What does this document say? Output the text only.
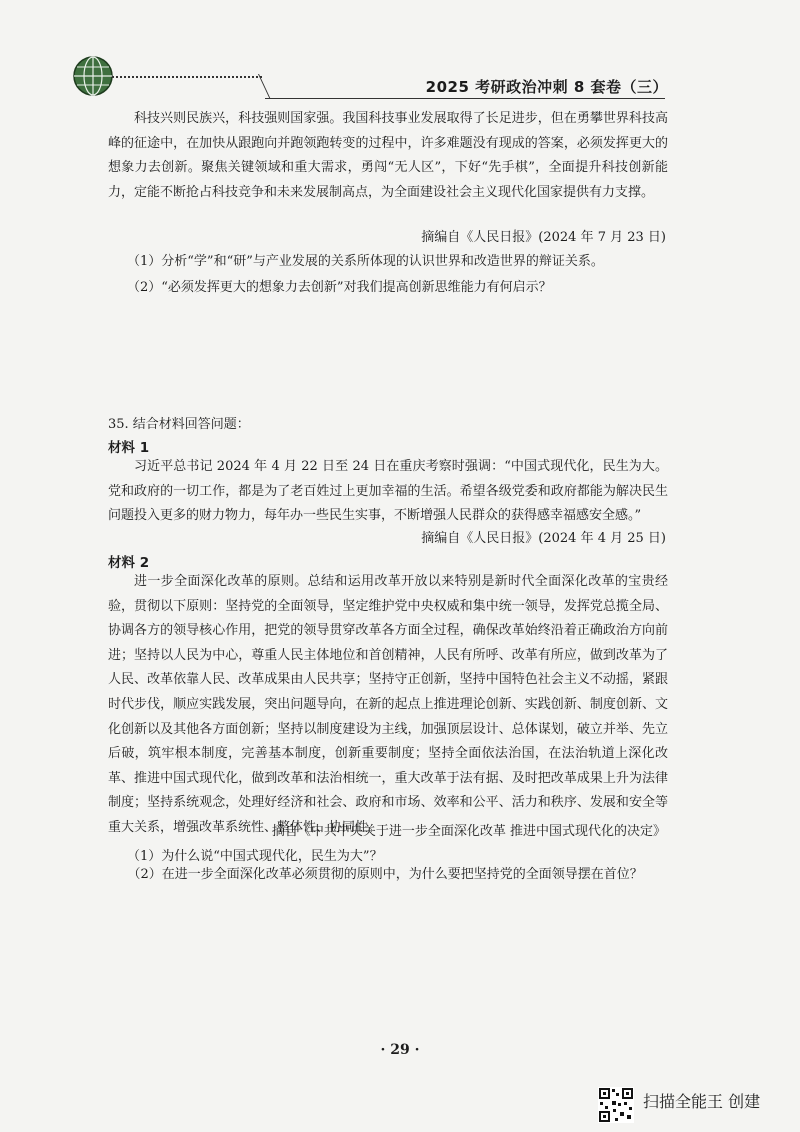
2025 考研政治冲刺 8 套卷（三）

科技兴则民族兴，科技强则国家强。我国科技事业发展取得了长足进步，但在勇攀世界科技高峰的征途中，在加快从跟跑向并跑领跑转变的过程中，许多难题没有现成的答案，必须发挥更大的想象力去创新。聚焦关键领域和重大需求，勇闯“无人区”，下好“先手棋”，全面提升科技创新能力，定能不断抢占科技竞争和未来发展制高点，为全面建设社会主义现代化国家提供有力支撑。

摘编自《人民日报》(2024 年 7 月 23 日)
（1）分析“学”和“研”与产业发展的关系所体现的认识世界和改造世界的辩证关系。
（2）“必须发挥更大的想象力去创新”对我们提高创新思维能力有何启示？
35. 结合材料回答问题：
材料 1

习近平总书记 2024 年 4 月 22 日至 24 日在重庆考察时强调：“中国式现代化，民生为大。党和政府的一切工作，都是为了老百姓过上更加幸福的生活。希望各级党委和政府都能为解决民生问题投入更多的财力物力，每年办一些民生实事，不断增强人民群众的获得感幸福感安全感。”

摘编自《人民日报》(2024 年 4 月 25 日)
材料 2

进一步全面深化改革的原则。总结和运用改革开放以来特别是新时代全面深化改革的宝贵经验，贯彻以下原则：坚持党的全面领导，坚定维护党中央权威和集中统一领导，发挥党总揽全局、协调各方的领导核心作用，把党的领导贯穿改革各方面全过程，确保改革始终沿着正确政治方向前进；坚持以人民为中心，尊重人民主体地位和首创精神，人民有所呼、改革有所应，做到改革为了人民、改革依靠人民、改革成果由人民共享；坚持守正创新，坚持中国特色社会主义不动摇，紧跟时代步伐，顺应实践发展，突出问题导向，在新的起点上推进理论创新、实践创新、制度创新、文化创新以及其他各方面创新；坚持以制度建设为主线，加强顶层设计、总体谋划，破立并举、先立后破，筑牢根本制度，完善基本制度，创新重要制度；坚持全面依法治国，在法治轨道上深化改革、推进中国式现代化，做到改革和法治相统一，重大改革于法有据、及时把改革成果上升为法律制度；坚持系统观念，处理好经济和社会、政府和市场、效率和公平、活力和秩序、发展和安全等重大关系，增强改革系统性、整体性、协同性。

摘自《中共中央关于进一步全面深化改革 推进中国式现代化的决定》
（1）为什么说“中国式现代化，民生为大”？

（2）在进一步全面深化改革必须贯彻的原则中，为什么要把坚持党的全面领导摆在首位？

· 29 ·
扫描全能王 创建
